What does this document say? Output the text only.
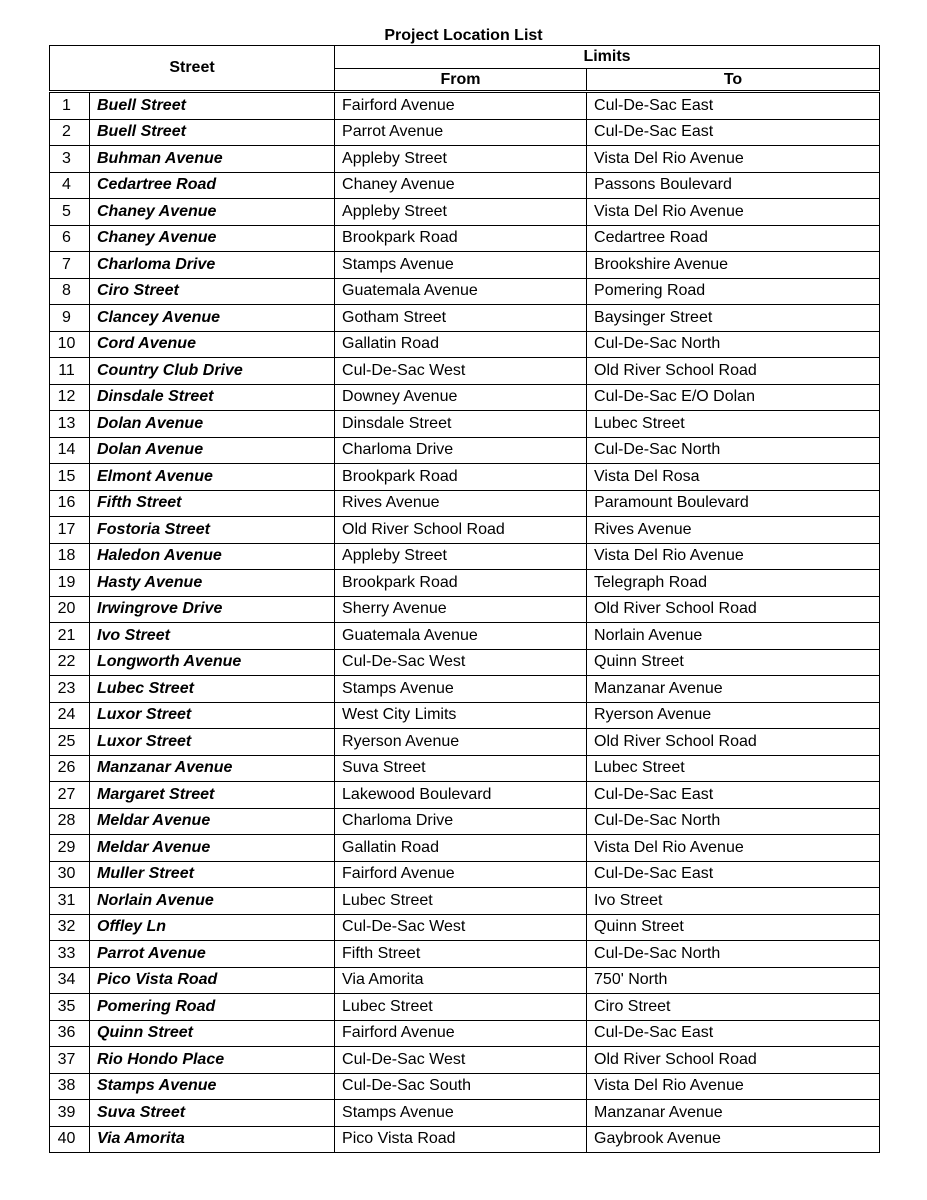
Project Location List
Street		Limits	
		From	To
1	Buell Street	Fairford Avenue	Cul-De-Sac East
2	Buell Street	Parrot Avenue	Cul-De-Sac East
3	Buhman Avenue	Appleby Street	Vista Del Rio Avenue
4	Cedartree Road	Chaney Avenue	Passons Boulevard
5	Chaney Avenue	Appleby Street	Vista Del Rio Avenue
6	Chaney Avenue	Brookpark Road	Cedartree Road
7	Charloma Drive	Stamps Avenue	Brookshire Avenue
8	Ciro Street	Guatemala Avenue	Pomering Road
9	Clancey Avenue	Gotham Street	Baysinger Street
10	Cord Avenue	Gallatin Road	Cul-De-Sac North
11	Country Club Drive	Cul-De-Sac West	Old River School Road
12	Dinsdale Street	Downey Avenue	Cul-De-Sac E/O Dolan
13	Dolan Avenue	Dinsdale Street	Lubec Street
14	Dolan Avenue	Charloma Drive	Cul-De-Sac North
15	Elmont Avenue	Brookpark Road	Vista Del Rosa
16	Fifth Street	Rives Avenue	Paramount Boulevard
17	Fostoria Street	Old River School Road	Rives Avenue
18	Haledon Avenue	Appleby Street	Vista Del Rio Avenue
19	Hasty Avenue	Brookpark Road	Telegraph Road
20	Irwingrove Drive	Sherry Avenue	Old River School Road
21	Ivo Street	Guatemala Avenue	Norlain Avenue
22	Longworth Avenue	Cul-De-Sac West	Quinn Street
23	Lubec Street	Stamps Avenue	Manzanar Avenue
24	Luxor Street	West City Limits	Ryerson Avenue
25	Luxor Street	Ryerson Avenue	Old River School Road
26	Manzanar Avenue	Suva Street	Lubec Street
27	Margaret Street	Lakewood Boulevard	Cul-De-Sac East
28	Meldar Avenue	Charloma Drive	Cul-De-Sac North
29	Meldar Avenue	Gallatin Road	Vista Del Rio Avenue
30	Muller Street	Fairford Avenue	Cul-De-Sac East
31	Norlain Avenue	Lubec Street	Ivo Street
32	Offley Ln	Cul-De-Sac West	Quinn Street
33	Parrot Avenue	Fifth Street	Cul-De-Sac North
34	Pico Vista Road	Via Amorita	750' North
35	Pomering Road	Lubec Street	Ciro Street
36	Quinn Street	Fairford Avenue	Cul-De-Sac East
37	Rio Hondo Place	Cul-De-Sac West	Old River School Road
38	Stamps Avenue	Cul-De-Sac South	Vista Del Rio Avenue
39	Suva Street	Stamps Avenue	Manzanar Avenue
40	Via Amorita	Pico Vista Road	Gaybrook Avenue
